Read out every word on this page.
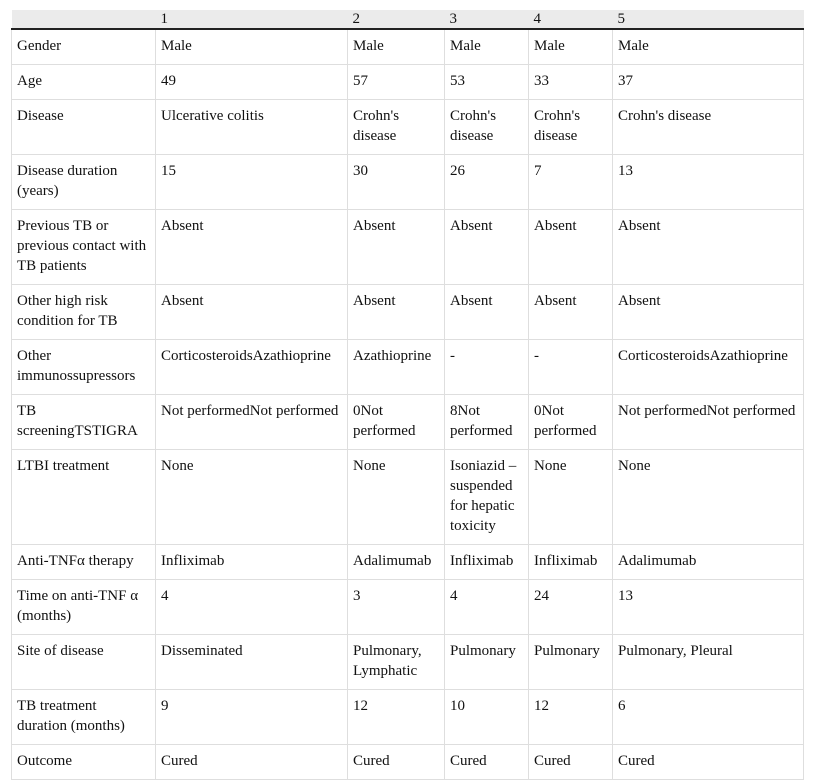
	1	2	3	4	5
Gender	Male	Male	Male	Male	Male
Age	49	57	53	33	37
Disease	Ulcerative colitis	Crohn's disease	Crohn's disease	Crohn's disease	Crohn's disease
Disease duration (years)	15	30	26	7	13
Previous TB or previous contact with TB patients	Absent	Absent	Absent	Absent	Absent
Other high risk condition for TB	Absent	Absent	Absent	Absent	Absent
Other immunossupressors	CorticosteroidsAzathioprine	Azathioprine	-	-	CorticosteroidsAzathioprine
TB screeningTSTIGRA	Not performedNot performed	0Not performed	8Not performed	0Not performed	Not performedNot performed
LTBI treatment	None	None	Isoniazid – suspended for hepatic toxicity	None	None
Anti-TNFα therapy	Infliximab	Adalimumab	Infliximab	Infliximab	Adalimumab
Time on anti-TNF α (months)	4	3	4	24	13
Site of disease	Disseminated	Pulmonary, Lymphatic	Pulmonary	Pulmonary	Pulmonary, Pleural
TB treatment duration (months)	9	12	10	12	6
Outcome	Cured	Cured	Cured	Cured	Cured
